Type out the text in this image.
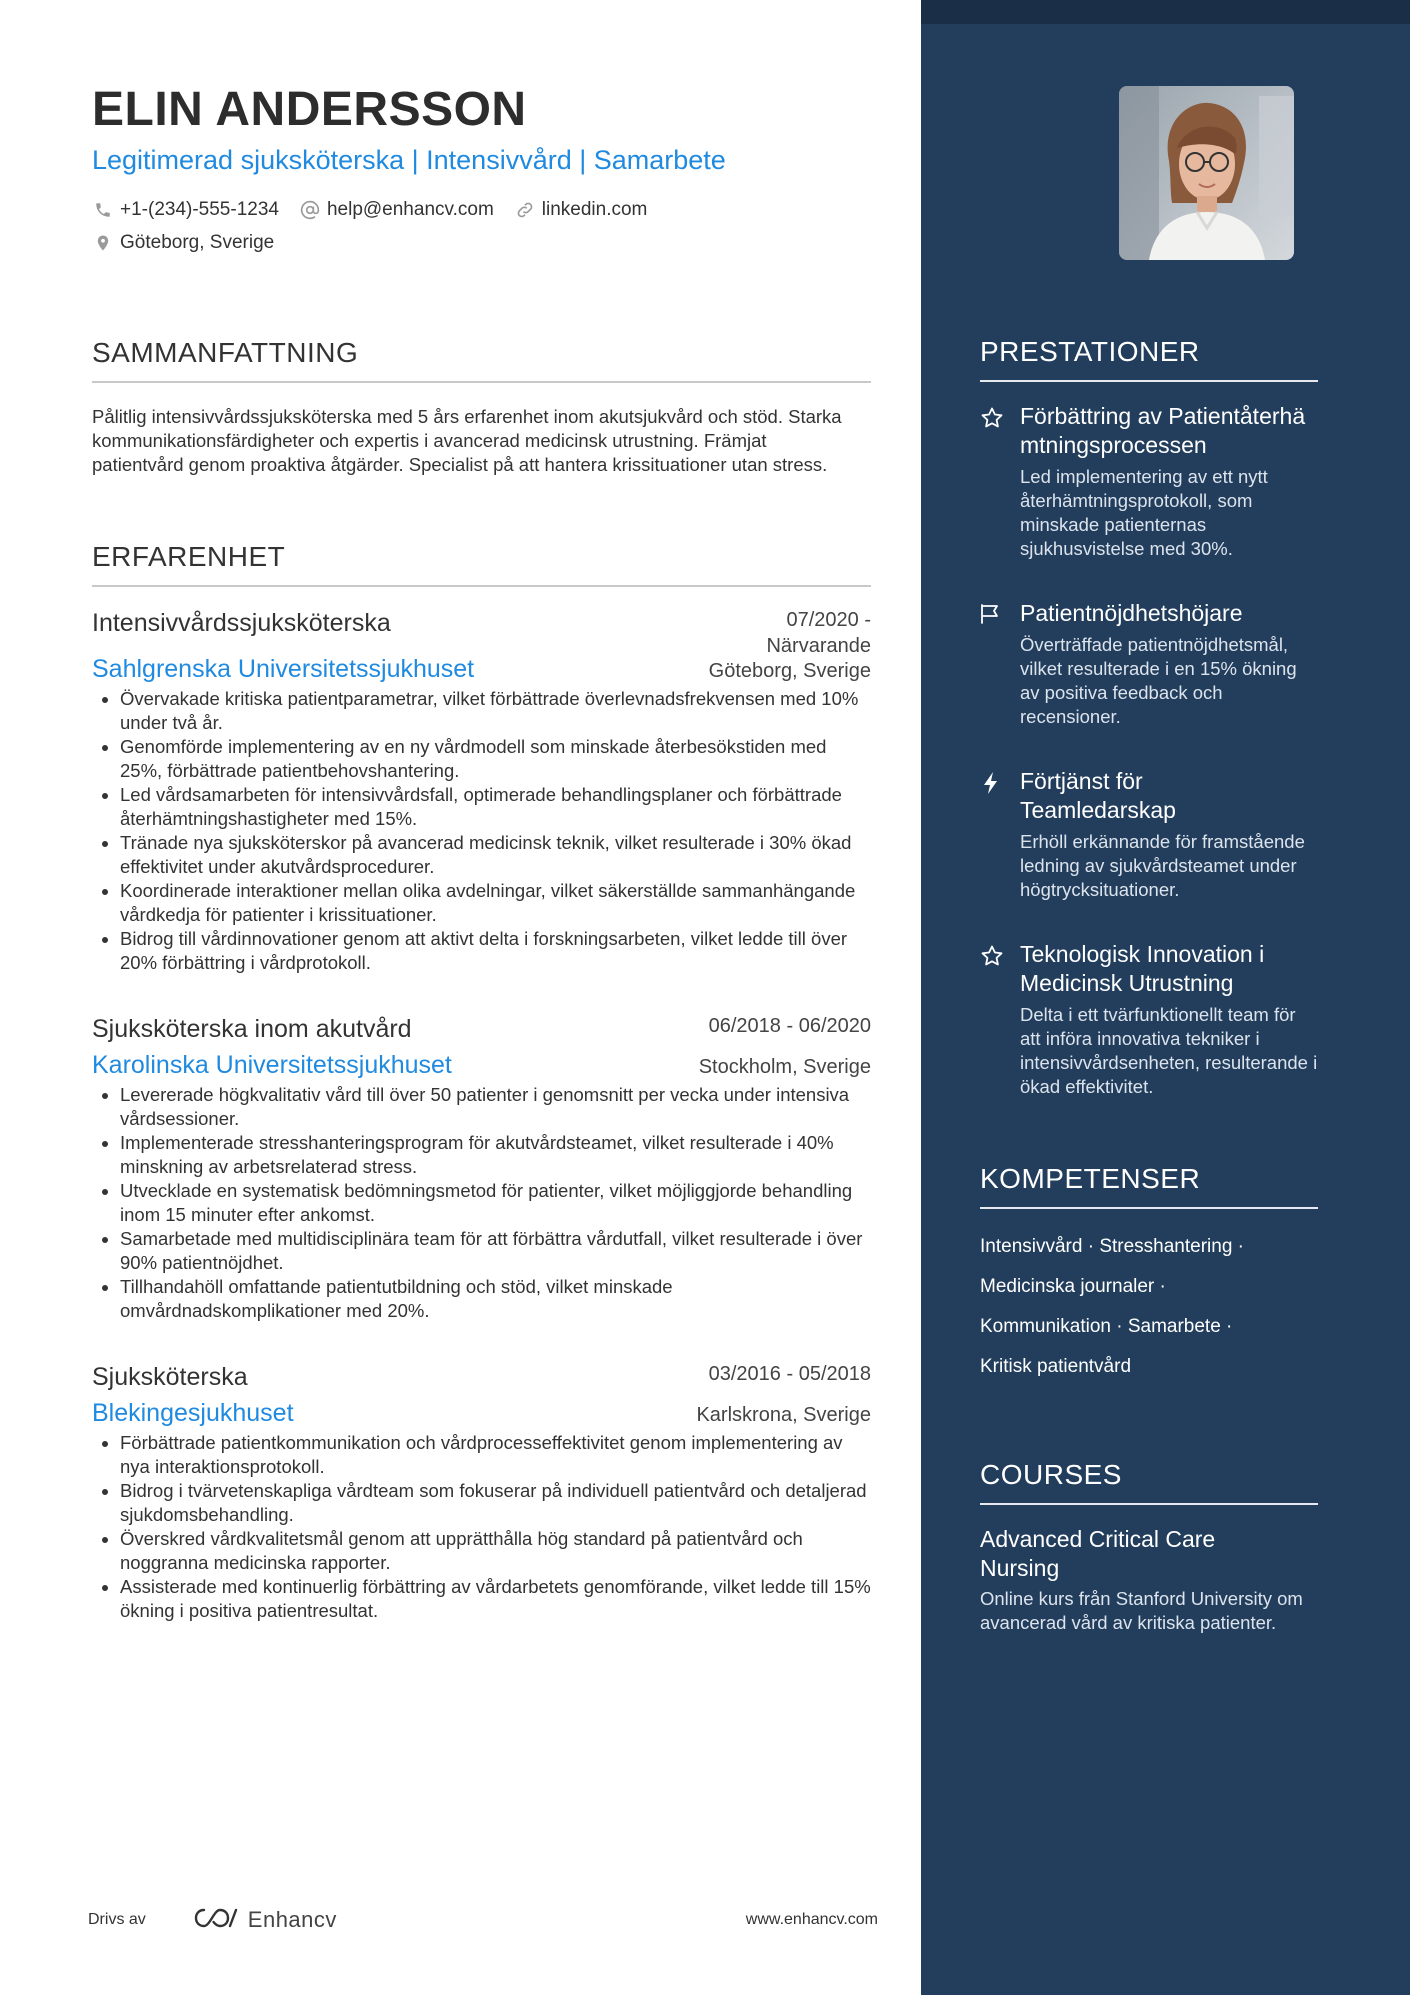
ELIN ANDERSSON
Legitimerad sjuksköterska | Intensivvård | Samarbete
+1-(234)-555-1234	help@enhancv.com	linkedin.com
Göteborg, Sverige
SAMMANFATTNING
Pålitlig intensivvårdssjuksköterska med 5 års erfarenhet inom akutsjukvård och stöd. Starka kommunikationsfärdigheter och expertis i avancerad medicinsk utrustning. Främjat patientvård genom proaktiva åtgärder. Specialist på att hantera krissituationer utan stress.
ERFARENHET
Intensivvårdssjuksköterska	07/2020 - Närvarande
Sahlgrenska Universitetssjukhuset	Göteborg, Sverige
• Övervakade kritiska patientparametrar, vilket förbättrade överlevnadsfrekvensen med 10% under två år.
• Genomförde implementering av en ny vårdmodell som minskade återbesökstiden med 25%, förbättrade patientbehovshantering.
• Led vårdsamarbeten för intensivvårdsfall, optimerade behandlingsplaner och förbättrade återhämtningshastigheter med 15%.
• Tränade nya sjuksköterskor på avancerad medicinsk teknik, vilket resulterade i 30% ökad effektivitet under akutvårdsprocedurer.
• Koordinerade interaktioner mellan olika avdelningar, vilket säkerställde sammanhängande vårdkedja för patienter i krissituationer.
• Bidrog till vårdinnovationer genom att aktivt delta i forskningsarbeten, vilket ledde till över 20% förbättring i vårdprotokoll.
Sjuksköterska inom akutvård	06/2018 - 06/2020
Karolinska Universitetssjukhuset	Stockholm, Sverige
• Levererade högkvalitativ vård till över 50 patienter i genomsnitt per vecka under intensiva vårdsessioner.
• Implementerade stresshanteringsprogram för akutvårdsteamet, vilket resulterade i 40% minskning av arbetsrelaterad stress.
• Utvecklade en systematisk bedömningsmetod för patienter, vilket möjliggjorde behandling inom 15 minuter efter ankomst.
• Samarbetade med multidisciplinära team för att förbättra vårdutfall, vilket resulterade i över 90% patientnöjdhet.
• Tillhandahöll omfattande patientutbildning och stöd, vilket minskade omvårdnadskomplikationer med 20%.
Sjuksköterska	03/2016 - 05/2018
Blekingesjukhuset	Karlskrona, Sverige
• Förbättrade patientkommunikation och vårdprocesseffektivitet genom implementering av nya interaktionsprotokoll.
• Bidrog i tvärvetenskapliga vårdteam som fokuserar på individuell patientvård och detaljerad sjukdomsbehandling.
• Överskred vårdkvalitetsmål genom att upprätthålla hög standard på patientvård och noggranna medicinska rapporter.
• Assisterade med kontinuerlig förbättring av vårdarbetets genomförande, vilket ledde till 15% ökning i positiva patientresultat.
Drivs av	Enhancv	www.enhancv.com
PRESTATIONER
Förbättring av Patientåterhämtningsprocessen
Led implementering av ett nytt återhämtningsprotokoll, som minskade patienternas sjukhusvistelse med 30%.
Patientnöjdhetshöjare
Överträffade patientnöjdhetsmål, vilket resulterade i en 15% ökning av positiva feedback och recensioner.
Förtjänst för Teamledarskap
Erhöll erkännande för framstående ledning av sjukvårdsteamet under högtrycksituationer.
Teknologisk Innovation i Medicinsk Utrustning
Delta i ett tvärfunktionellt team för att införa innovativa tekniker i intensivvårdsenheten, resulterande i ökad effektivitet.
KOMPETENSER
Intensivvård · Stresshantering ·
Medicinska journaler ·
Kommunikation · Samarbete ·
Kritisk patientvård
COURSES
Advanced Critical Care Nursing
Online kurs från Stanford University om avancerad vård av kritiska patienter.
